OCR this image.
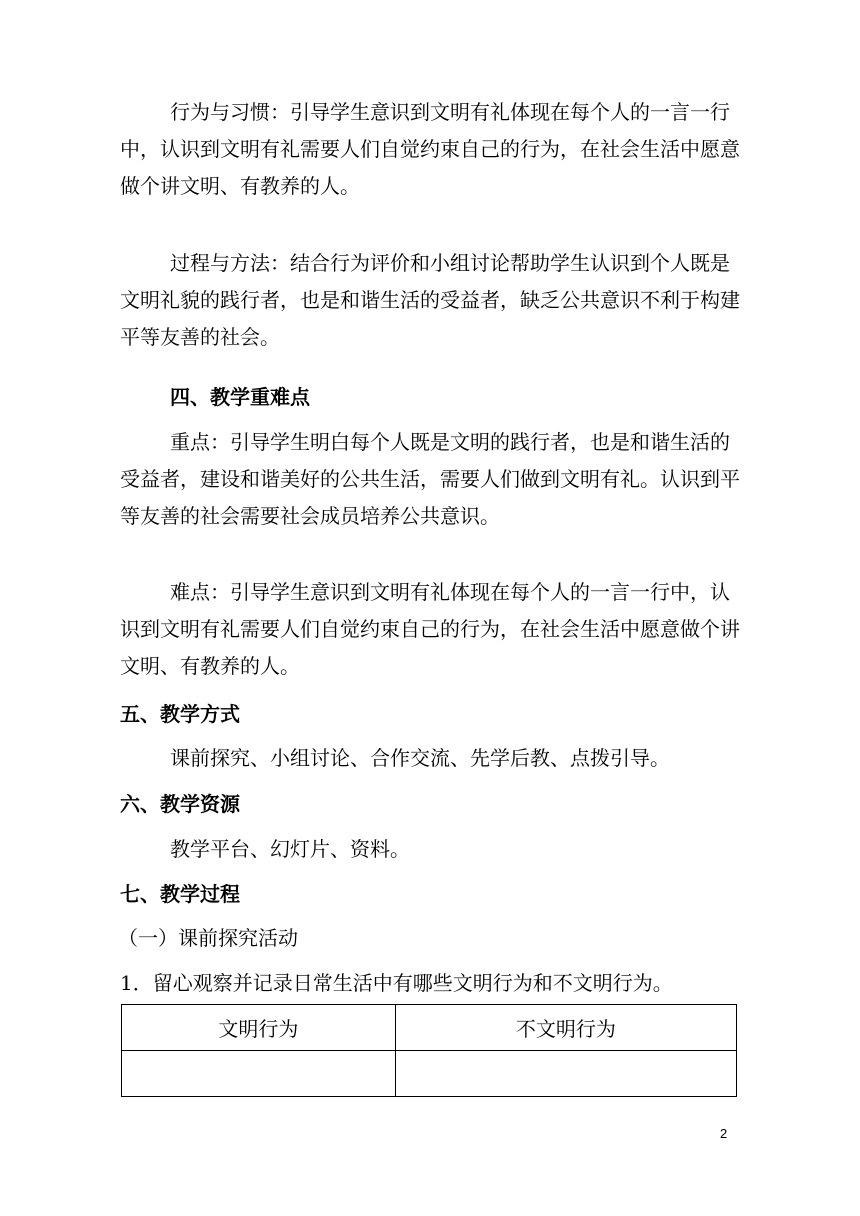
行为与习惯：引导学生意识到文明有礼体现在每个人的一言一行中，认识到文明有礼需要人们自觉约束自己的行为，在社会生活中愿意做个讲文明、有教养的人。

过程与方法：结合行为评价和小组讨论帮助学生认识到个人既是文明礼貌的践行者，也是和谐生活的受益者，缺乏公共意识不利于构建平等友善的社会。

四、教学重难点

重点：引导学生明白每个人既是文明的践行者，也是和谐生活的受益者，建设和谐美好的公共生活，需要人们做到文明有礼。认识到平等友善的社会需要社会成员培养公共意识。

难点：引导学生意识到文明有礼体现在每个人的一言一行中，认识到文明有礼需要人们自觉约束自己的行为，在社会生活中愿意做个讲文明、有教养的人。

五、教学方式

课前探究、小组讨论、合作交流、先学后教、点拨引导。

六、教学资源

教学平台、幻灯片、资料。

七、教学过程

（一）课前探究活动

1．留心观察并记录日常生活中有哪些文明行为和不文明行为。

文明行为	不文明行为

2
